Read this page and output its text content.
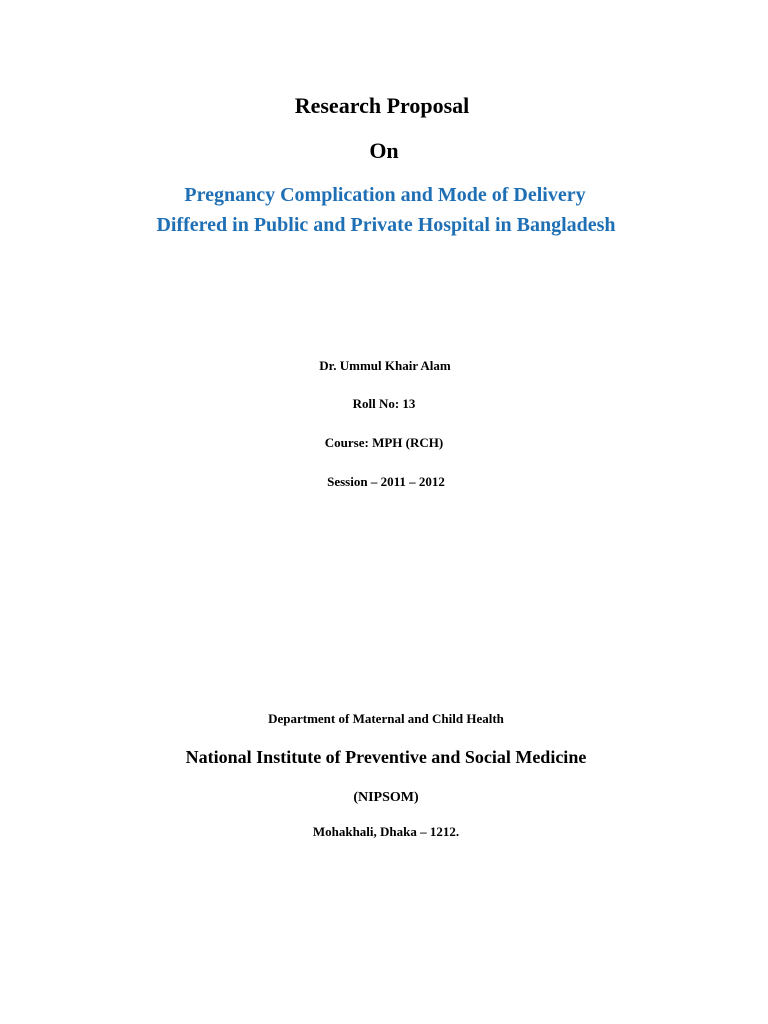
Research Proposal

On

Pregnancy Complication and Mode of Delivery

Differed in Public and Private Hospital in Bangladesh

Dr. Ummul Khair Alam

Roll No: 13

Course: MPH (RCH)

Session – 2011 – 2012

Department of Maternal and Child Health

National Institute of Preventive and Social Medicine

(NIPSOM)

Mohakhali, Dhaka – 1212.
